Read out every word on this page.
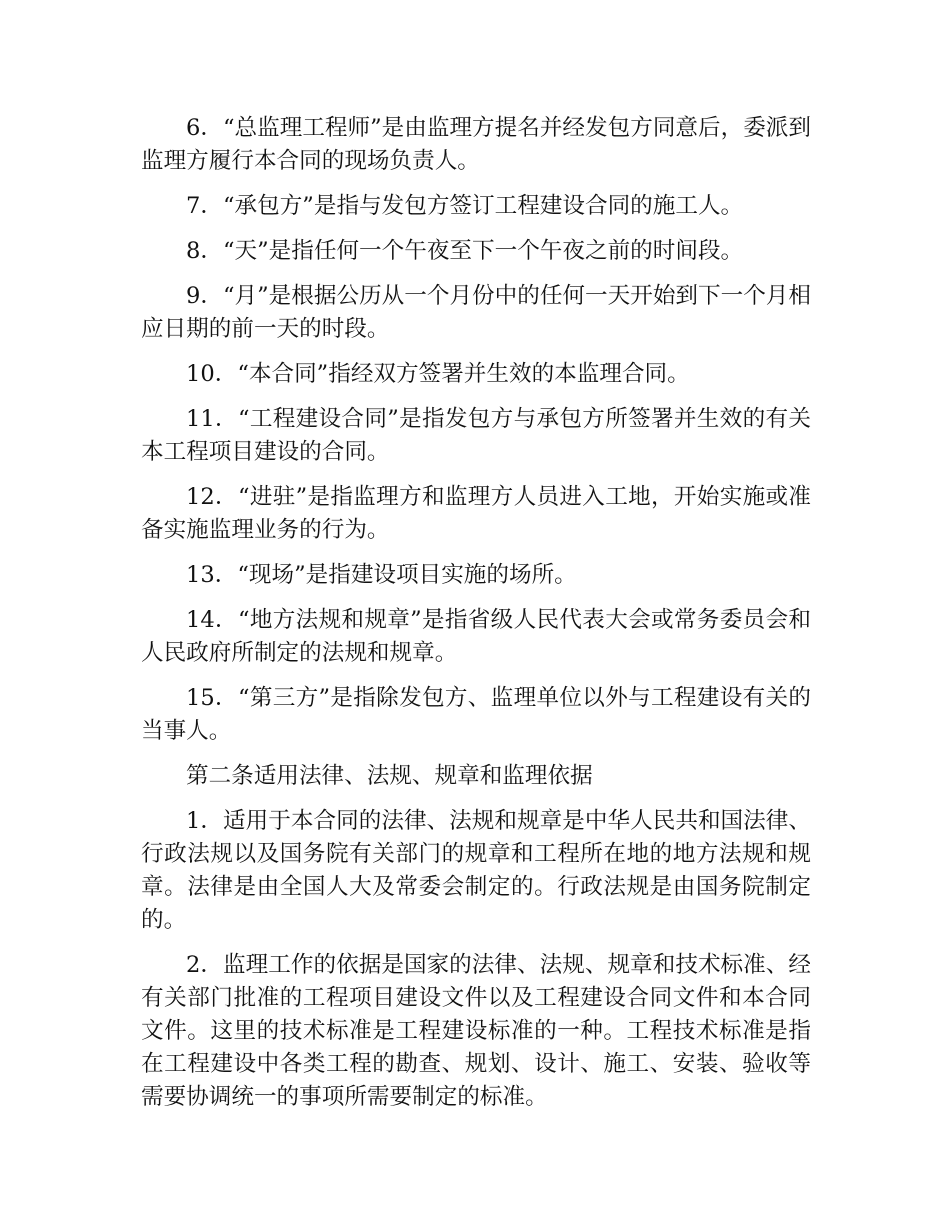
6．“总监理工程师”是由监理方提名并经发包方同意后，委派到监理方履行本合同的现场负责人。

7．“承包方”是指与发包方签订工程建设合同的施工人。

8．“天”是指任何一个午夜至下一个午夜之前的时间段。

9．“月”是根据公历从一个月份中的任何一天开始到下一个月相应日期的前一天的时段。

10．“本合同”指经双方签署并生效的本监理合同。

11．“工程建设合同”是指发包方与承包方所签署并生效的有关本工程项目建设的合同。

12．“进驻”是指监理方和监理方人员进入工地，开始实施或准备实施监理业务的行为。

13．“现场”是指建设项目实施的场所。

14．“地方法规和规章”是指省级人民代表大会或常务委员会和人民政府所制定的法规和规章。

15．“第三方”是指除发包方、监理单位以外与工程建设有关的当事人。

第二条适用法律、法规、规章和监理依据

1．适用于本合同的法律、法规和规章是中华人民共和国法律、行政法规以及国务院有关部门的规章和工程所在地的地方法规和规章。法律是由全国人大及常委会制定的。行政法规是由国务院制定的。

2．监理工作的依据是国家的法律、法规、规章和技术标准、经有关部门批准的工程项目建设文件以及工程建设合同文件和本合同文件。这里的技术标准是工程建设标准的一种。工程技术标准是指在工程建设中各类工程的勘查、规划、设计、施工、安装、验收等需要协调统一的事项所需要制定的标准。
